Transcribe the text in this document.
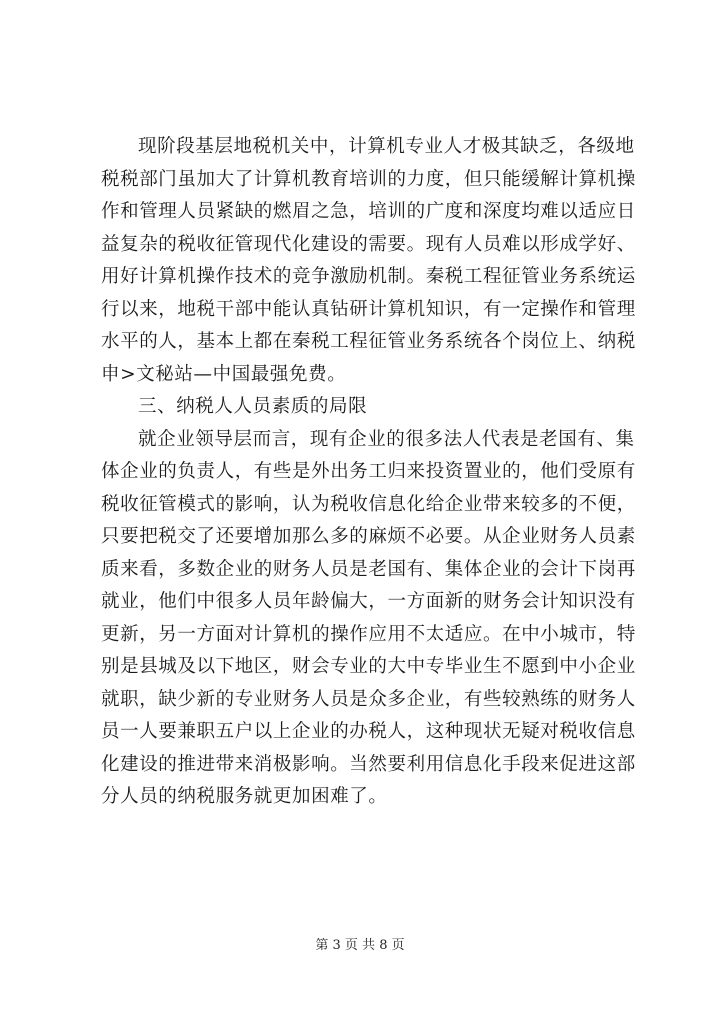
现阶段基层地税机关中，计算机专业人才极其缺乏，各级地
税税部门虽加大了计算机教育培训的力度，但只能缓解计算机操
作和管理人员紧缺的燃眉之急，培训的广度和深度均难以适应日
益复杂的税收征管现代化建设的需要。现有人员难以形成学好、
用好计算机操作技术的竞争激励机制。秦税工程征管业务系统运
行以来，地税干部中能认真钻研计算机知识，有一定操作和管理
水平的人，基本上都在秦税工程征管业务系统各个岗位上、纳税
申>文秘站—中国最强免费。
三、纳税人人员素质的局限
就企业领导层而言，现有企业的很多法人代表是老国有、集
体企业的负责人，有些是外出务工归来投资置业的，他们受原有
税收征管模式的影响，认为税收信息化给企业带来较多的不便，
只要把税交了还要增加那么多的麻烦不必要。从企业财务人员素
质来看，多数企业的财务人员是老国有、集体企业的会计下岗再
就业，他们中很多人员年龄偏大，一方面新的财务会计知识没有
更新，另一方面对计算机的操作应用不太适应。在中小城市，特
别是县城及以下地区，财会专业的大中专毕业生不愿到中小企业
就职，缺少新的专业财务人员是众多企业，有些较熟练的财务人
员一人要兼职五户以上企业的办税人，这种现状无疑对税收信息
化建设的推进带来消极影响。当然要利用信息化手段来促进这部
分人员的纳税服务就更加困难了。
第 3 页 共 8 页
